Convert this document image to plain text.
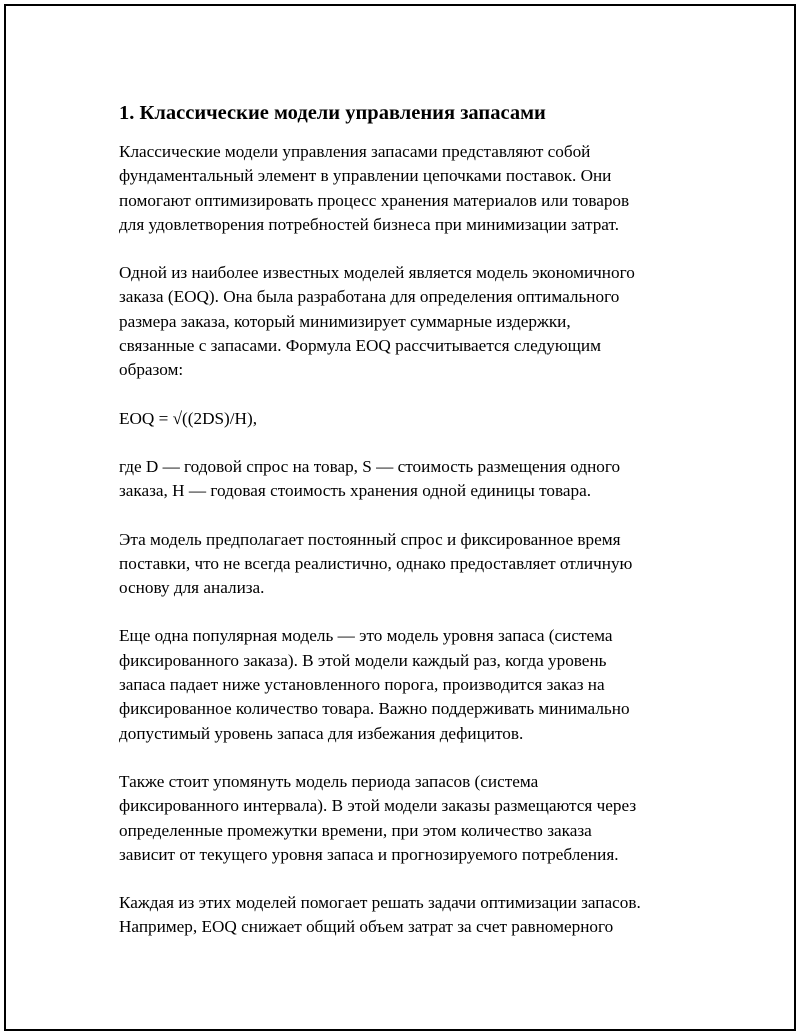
1. Классические модели управления запасами

Классические модели управления запасами представляют собой
фундаментальный элемент в управлении цепочками поставок. Они
помогают оптимизировать процесс хранения материалов или товаров
для удовлетворения потребностей бизнеса при минимизации затрат.

Одной из наиболее известных моделей является модель экономичного
заказа (EOQ). Она была разработана для определения оптимального
размера заказа, который минимизирует суммарные издержки,
связанные с запасами. Формула EOQ рассчитывается следующим
образом:

EOQ = √((2DS)/H),

где D — годовой спрос на товар, S — стоимость размещения одного
заказа, H — годовая стоимость хранения одной единицы товара.

Эта модель предполагает постоянный спрос и фиксированное время
поставки, что не всегда реалистично, однако предоставляет отличную
основу для анализа.

Еще одна популярная модель — это модель уровня запаса (система
фиксированного заказа). В этой модели каждый раз, когда уровень
запаса падает ниже установленного порога, производится заказ на
фиксированное количество товара. Важно поддерживать минимально
допустимый уровень запаса для избежания дефицитов.

Также стоит упомянуть модель периода запасов (система
фиксированного интервала). В этой модели заказы размещаются через
определенные промежутки времени, при этом количество заказа
зависит от текущего уровня запаса и прогнозируемого потребления.

Каждая из этих моделей помогает решать задачи оптимизации запасов.
Например, EOQ снижает общий объем затрат за счет равномерного
